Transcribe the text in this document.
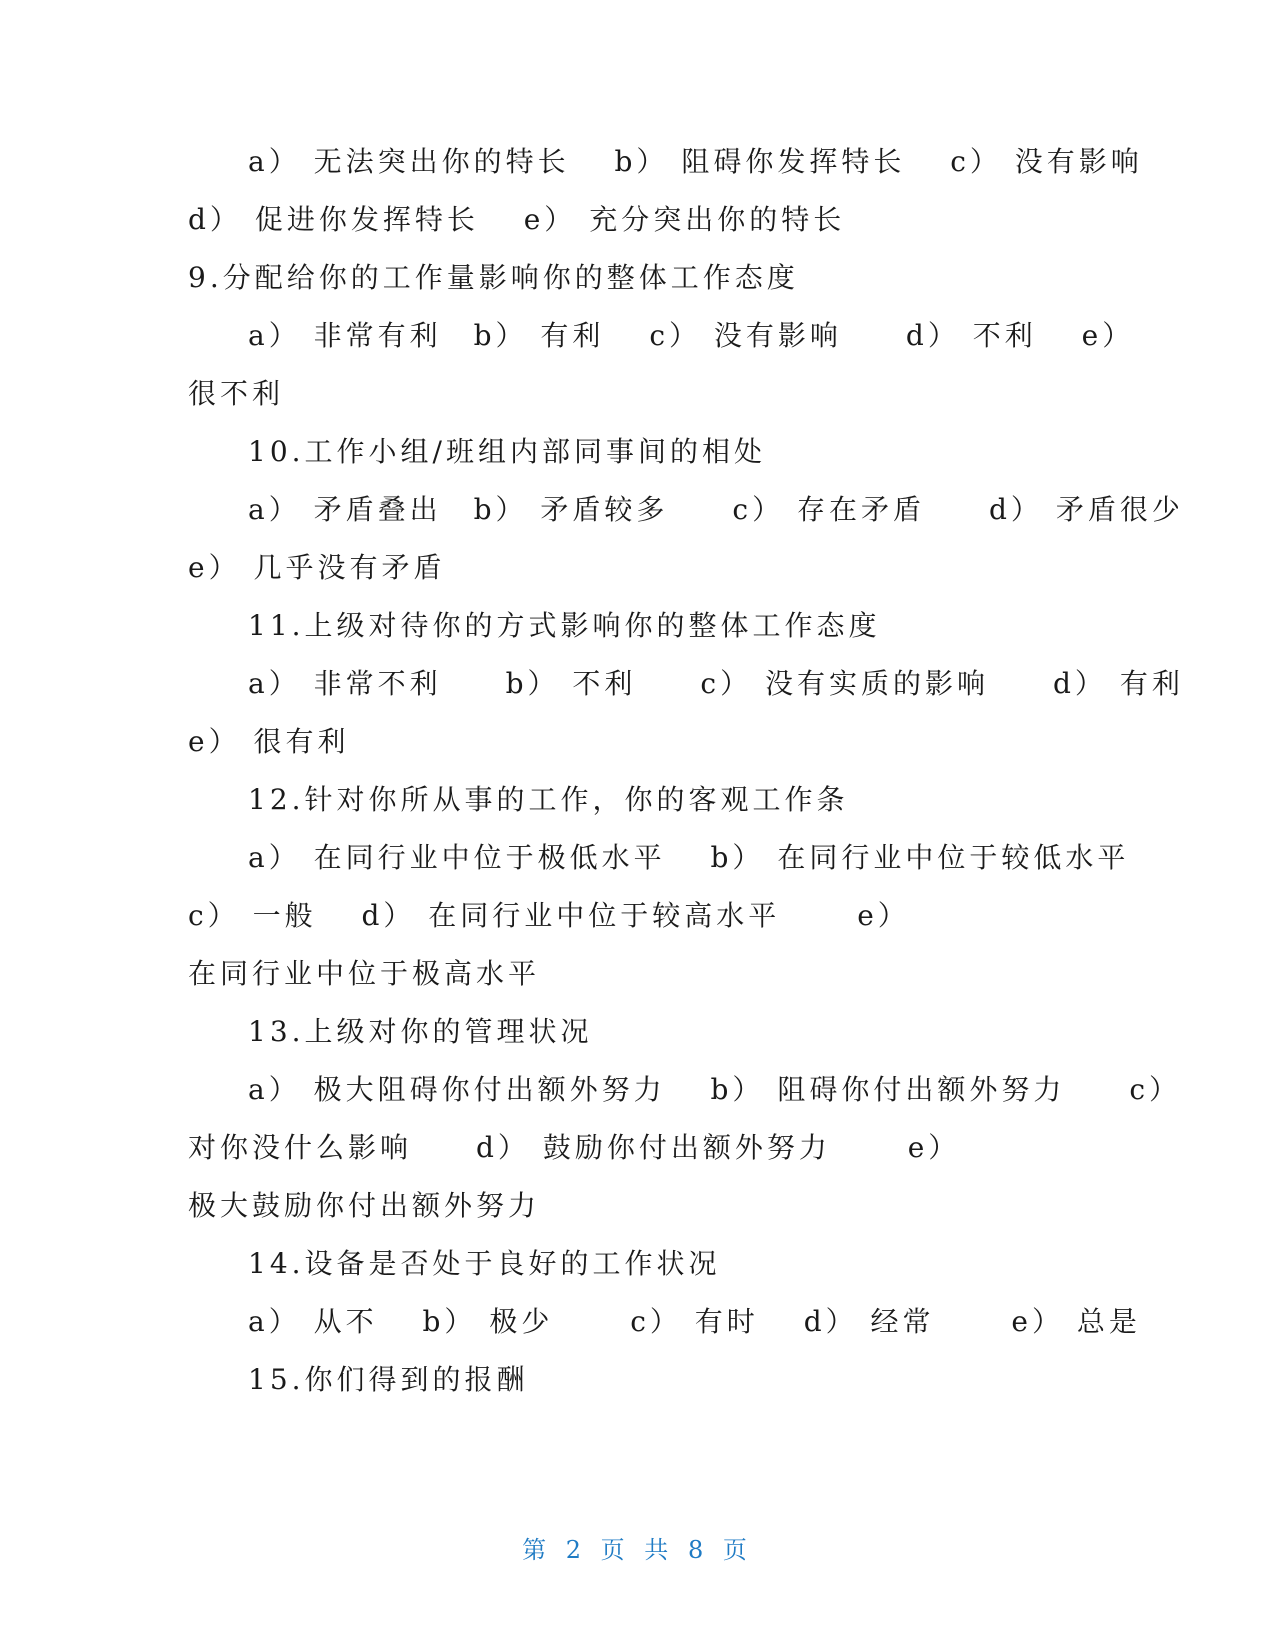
a） 无法突出你的特长　 b） 阻碍你发挥特长　 c） 没有影响
d） 促进你发挥特长　 e） 充分突出你的特长
9.分配给你的工作量影响你的整体工作态度
a） 非常有利　b） 有利　 c） 没有影响　　d） 不利　 e）
很不利
10.工作小组/班组内部同事间的相处
a） 矛盾叠出　b） 矛盾较多　　c） 存在矛盾　　d） 矛盾很少
e） 几乎没有矛盾
11.上级对待你的方式影响你的整体工作态度
a） 非常不利　　b） 不利　　c） 没有实质的影响　　d） 有利
e） 很有利
12.针对你所从事的工作，你的客观工作条
a） 在同行业中位于极低水平　 b） 在同行业中位于较低水平
c） 一般　 d） 在同行业中位于较高水平　　 e）
在同行业中位于极高水平
13.上级对你的管理状况
a） 极大阻碍你付出额外努力　 b） 阻碍你付出额外努力　　c）
对你没什么影响　　d） 鼓励你付出额外努力　　 e）
极大鼓励你付出额外努力
14.设备是否处于良好的工作状况
a） 从不　 b） 极少　　 c） 有时　 d） 经常　　 e） 总是
15.你们得到的报酬
第 2 页 共 8 页
